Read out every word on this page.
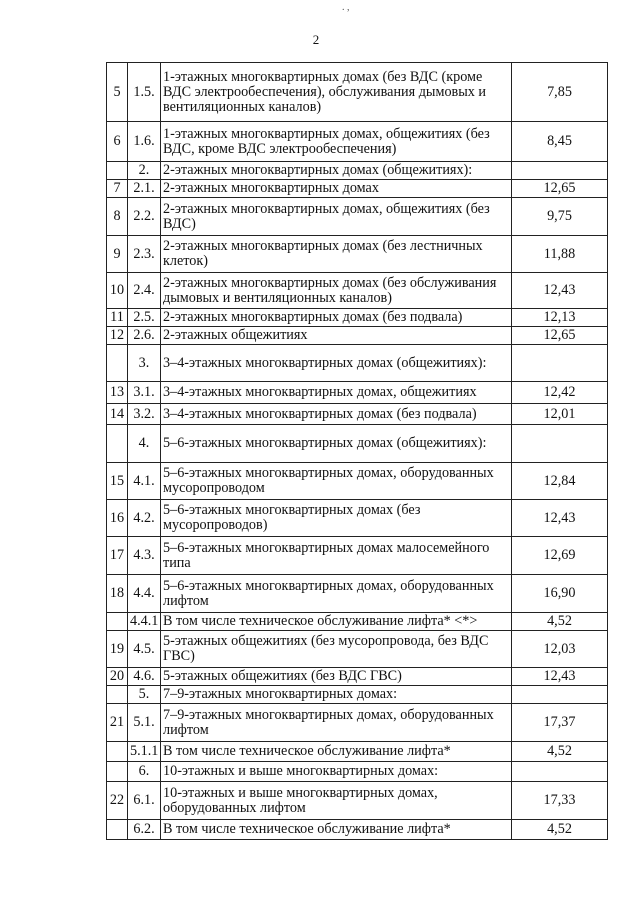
. ,
2
5	1.5.	1-этажных многоквартирных домах (без ВДС (кроме ВДС электрообеспечения), обслуживания дымовых и вентиляционных каналов)	7,85
6	1.6.	1-этажных многоквартирных домах, общежитиях (без ВДС, кроме ВДС электрообеспечения)	8,45
	2.	2-этажных многоквартирных домах (общежитиях):	
7	2.1.	2-этажных многоквартирных домах	12,65
8	2.2.	2-этажных многоквартирных домах, общежитиях (без ВДС)	9,75
9	2.3.	2-этажных многоквартирных домах (без лестничных клеток)	11,88
10	2.4.	2-этажных многоквартирных домах (без обслуживания дымовых и вентиляционных каналов)	12,43
11	2.5.	2-этажных многоквартирных домах (без подвала)	12,13
12	2.6.	2-этажных общежитиях	12,65
	3.	3–4-этажных многоквартирных домах (общежитиях):	
13	3.1.	3–4-этажных многоквартирных домах, общежитиях	12,42
14	3.2.	3–4-этажных многоквартирных домах (без подвала)	12,01
	4.	5–6-этажных многоквартирных домах (общежитиях):	
15	4.1.	5–6-этажных многоквартирных домах, оборудованных мусоропроводом	12,84
16	4.2.	5–6-этажных многоквартирных домах (без мусоропроводов)	12,43
17	4.3.	5–6-этажных многоквартирных домах малосемейного типа	12,69
18	4.4.	5–6-этажных многоквартирных домах, оборудованных лифтом	16,90
	4.4.1	В том числе техническое обслуживание лифта* <*>	4,52
19	4.5.	5-этажных общежитиях (без мусоропровода, без ВДС ГВС)	12,03
20	4.6.	5-этажных общежитиях (без ВДС ГВС)	12,43
	5.	7–9-этажных многоквартирных домах:	
21	5.1.	7–9-этажных многоквартирных домах, оборудованных лифтом	17,37
	5.1.1	В том числе техническое обслуживание лифта*	4,52
	6.	10-этажных и выше многоквартирных домах:	
22	6.1.	10-этажных и выше многоквартирных домах, оборудованных лифтом	17,33
	6.2.	В том числе техническое обслуживание лифта*	4,52
